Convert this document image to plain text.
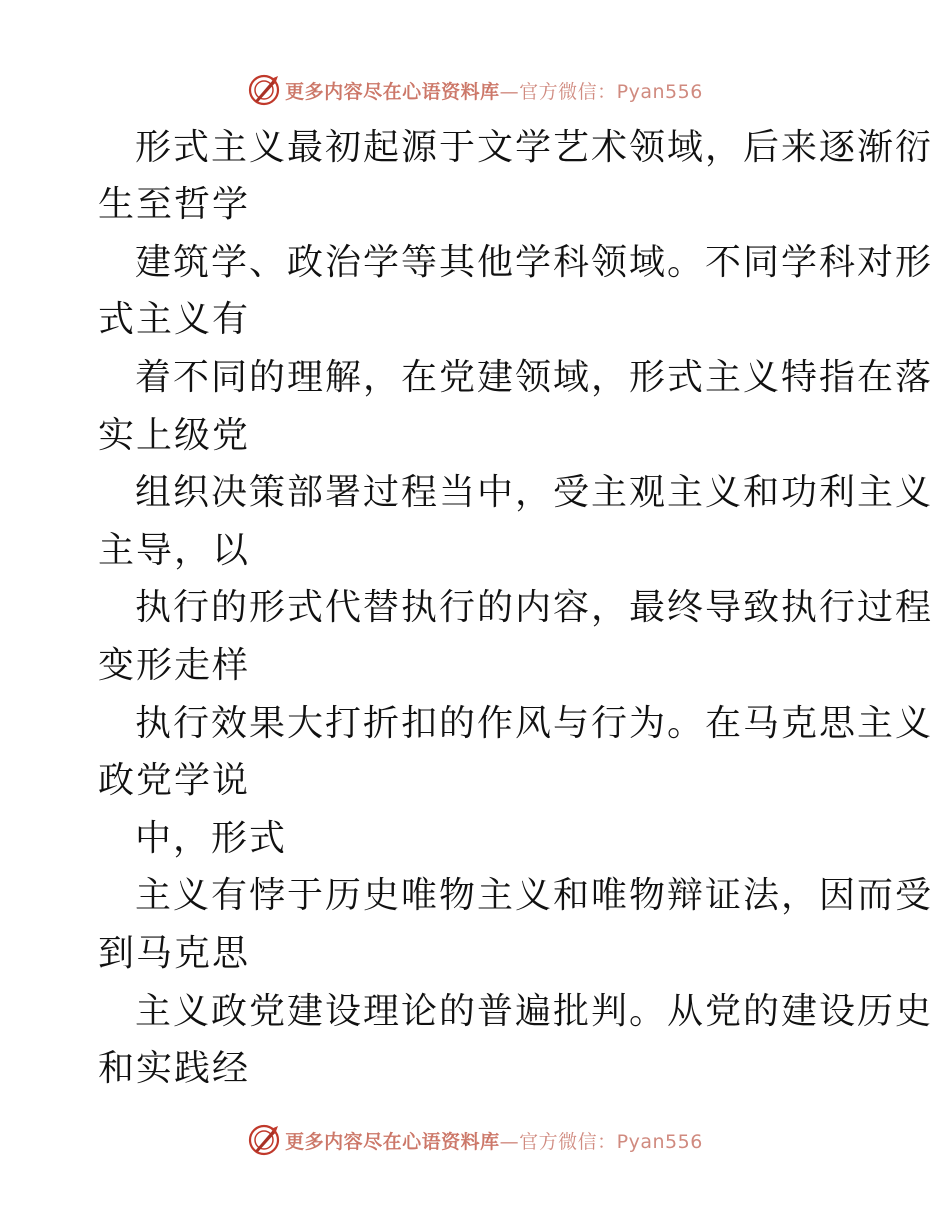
更多内容尽在心语资料库—官方微信：Pyan556
形式主义最初起源于文学艺术领域，后来逐渐衍
生至哲学
建筑学、政治学等其他学科领域。不同学科对形
式主义有
着不同的理解，在党建领域，形式主义特指在落
实上级党
组织决策部署过程当中，受主观主义和功利主义
主导，以
执行的形式代替执行的内容，最终导致执行过程
变形走样
执行效果大打折扣的作风与行为。在马克思主义
政党学说
中，形式
主义有悖于历史唯物主义和唯物辩证法，因而受
到马克思
主义政党建设理论的普遍批判。从党的建设历史
和实践经
更多内容尽在心语资料库—官方微信：Pyan556
